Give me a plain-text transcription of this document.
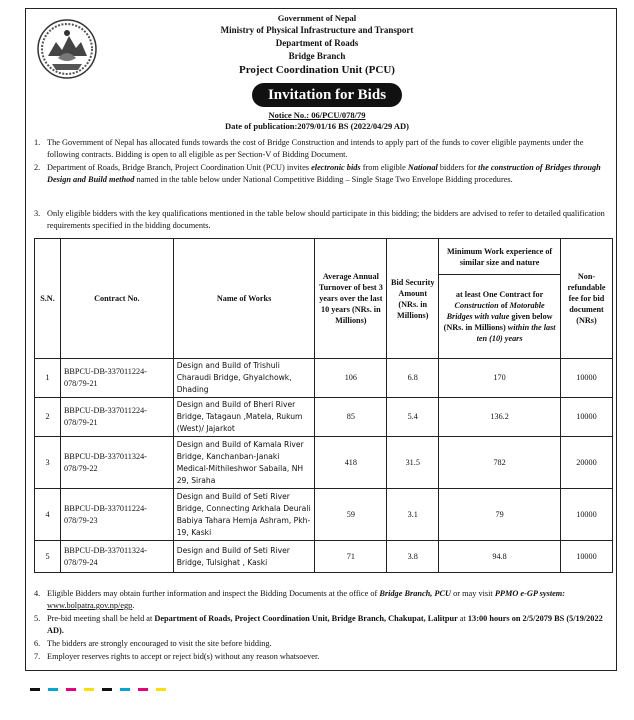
Government of Nepal
Ministry of Physical Infrastructure and Transport
Department of Roads
Bridge Branch
Project Coordination Unit (PCU)
Invitation for Bids
Notice No.: 06/PCU/078/79
Date of publication:2079/01/16 BS (2022/04/29 AD)
1. The Government of Nepal has allocated funds towards the cost of Bridge Construction and intends to apply part of the funds to cover eligible payments under the following contracts. Bidding is open to all eligible as per Section-V of Bidding Document.
2. Department of Roads, Bridge Branch, Project Coordination Unit (PCU) invites electronic bids from eligible National bidders for the construction of Bridges through Design and Build method named in the table below under National Competitive Bidding – Single Stage Two Envelope Bidding procedures.
3. Only eligible bidders with the key qualifications mentioned in the table below should participate in this bidding; the bidders are advised to refer to detailed qualification requirements specified in the bidding documents.
S.N.	Contract No.	Name of Works	Average Annual Turnover of best 3 years over the last 10 years (NRs. in Millions)	Bid Security Amount (NRs. in Millions)	Minimum Work experience of similar size and nature	Non-refundable fee for bid document (NRs)
					at least One Contract for Construction of Motorable Bridges with value given below (NRs. in Millions) within the last ten (10) years	
1	BBPCU-DB-337011224-078/79-21	Design and Build of Trishuli Charaudi Bridge, Ghyalchowk, Dhading	106	6.8	170	10000
2	BBPCU-DB-337011224-078/79-21	Design and Build of Bheri River Bridge, Tatagaun ,Matela, Rukum (West)/ Jajarkot	85	5.4	136.2	10000
3	BBPCU-DB-337011324-078/79-22	Design and Build of Kamala River Bridge, Kanchanban-Janaki Medical-Mithileshwor Sabaila, NH 29, Siraha	418	31.5	782	20000
4	BBPCU-DB-337011224-078/79-23	Design and Build of Seti River Bridge, Connecting Arkhala Deurali Babiya Tahara Hemja Ashram, Pkh-19, Kaski	59	3.1	79	10000
5	BBPCU-DB-337011324-078/79-24	Design and Build of Seti River Bridge, Tulsighat , Kaski	71	3.8	94.8	10000
4. Eligible Bidders may obtain further information and inspect the Bidding Documents at the office of Bridge Branch, PCU or may visit PPMO e-GP system: www.bolpatra.gov.np/egp.
5. Pre-bid meeting shall be held at Department of Roads, Project Coordination Unit, Bridge Branch, Chakupat, Lalitpur at 13:00 hours on 2/5/2079 BS (5/19/2022 AD).
6. The bidders are strongly encouraged to visit the site before bidding.
7. Employer reserves rights to accept or reject bid(s) without any reason whatsoever.
